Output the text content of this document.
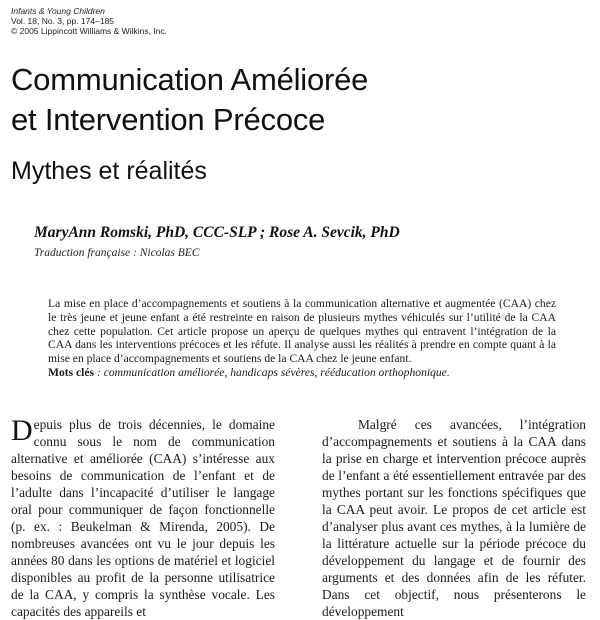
Infants & Young Children
Vol. 18, No. 3, pp. 174–185
© 2005 Lippincott Williams & Wilkins, Inc.
Communication Améliorée
et Intervention Précoce
Mythes et réalités
MaryAnn Romski, PhD, CCC-SLP ; Rose A. Sevcik, PhD
Traduction française : Nicolas BEC
La mise en place d’accompagnements et soutiens à la communication alternative et augmentée (CAA) chez le très jeune et jeune enfant a été restreinte en raison de plusieurs mythes véhiculés sur l’utilité de la CAA chez cette population. Cet article propose un aperçu de quelques mythes qui entravent l’intégration de la CAA dans les interventions précoces et les réfute. Il analyse aussi les réalités à prendre en compte quant à la mise en place d’accompagnements et soutiens de la CAA chez le jeune enfant.
Mots clés : communication améliorée, handicaps sévères, rééducation orthophonique.
Depuis plus de trois décennies, le domaine connu sous le nom de communication alternative et améliorée (CAA) s’intéresse aux besoins de communication de l’enfant et de l’adulte dans l’incapacité d’utiliser le langage oral pour communiquer de façon fonctionnelle (p. ex. : Beukelman & Mirenda, 2005). De nombreuses avancées ont vu le jour depuis les années 80 dans les options de matériel et logiciel disponibles au profit de la personne utilisatrice de la CAA, y compris la synthèse vocale. Les capacités des appareils et
Malgré ces avancées, l’intégration d’accompagnements et soutiens à la CAA dans la prise en charge et intervention précoce auprès de l’enfant a été essentiellement entravée par des mythes portant sur les fonctions spécifiques que la CAA peut avoir. Le propos de cet article est d’analyser plus avant ces mythes, à la lumière de la littérature actuelle sur la période précoce du développement du langage et de fournir des arguments et des données afin de les réfuter. Dans cet objectif, nous présenterons le développement
